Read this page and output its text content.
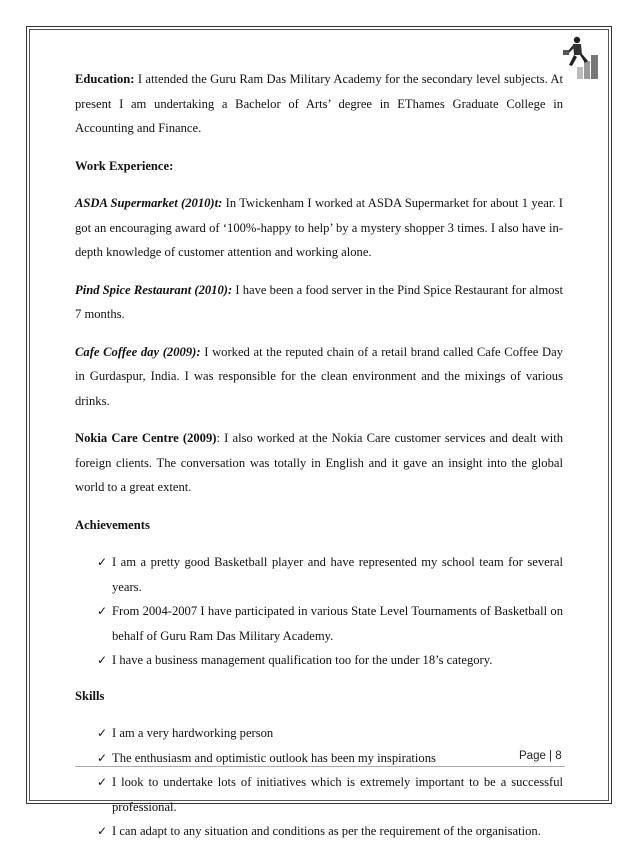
Education: I attended the Guru Ram Das Military Academy for the secondary level subjects. At present I am undertaking a Bachelor of Arts’ degree in EThames Graduate College in Accounting and Finance.

Work Experience:

ASDA Supermarket (2010)t: In Twickenham I worked at ASDA Supermarket for about 1 year. I got an encouraging award of ‘100%-happy to help’ by a mystery shopper 3 times. I also have in-depth knowledge of customer attention and working alone.

Pind Spice Restaurant (2010): I have been a food server in the Pind Spice Restaurant for almost 7 months.

Cafe Coffee day (2009): I worked at the reputed chain of a retail brand called Cafe Coffee Day in Gurdaspur, India. I was responsible for the clean environment and the mixings of various drinks.

Nokia Care Centre (2009): I also worked at the Nokia Care customer services and dealt with foreign clients. The conversation was totally in English and it gave an insight into the global world to a great extent.

Achievements

✓ I am a pretty good Basketball player and have represented my school team for several years.
✓ From 2004-2007 I have participated in various State Level Tournaments of Basketball on behalf of Guru Ram Das Military Academy.
✓ I have a business management qualification too for the under 18’s category.

Skills

✓ I am a very hardworking person
✓ The enthusiasm and optimistic outlook has been my inspirations
✓ I look to undertake lots of initiatives which is extremely important to be a successful professional.
✓ I can adapt to any situation and conditions as per the requirement of the organisation.
Page | 8
